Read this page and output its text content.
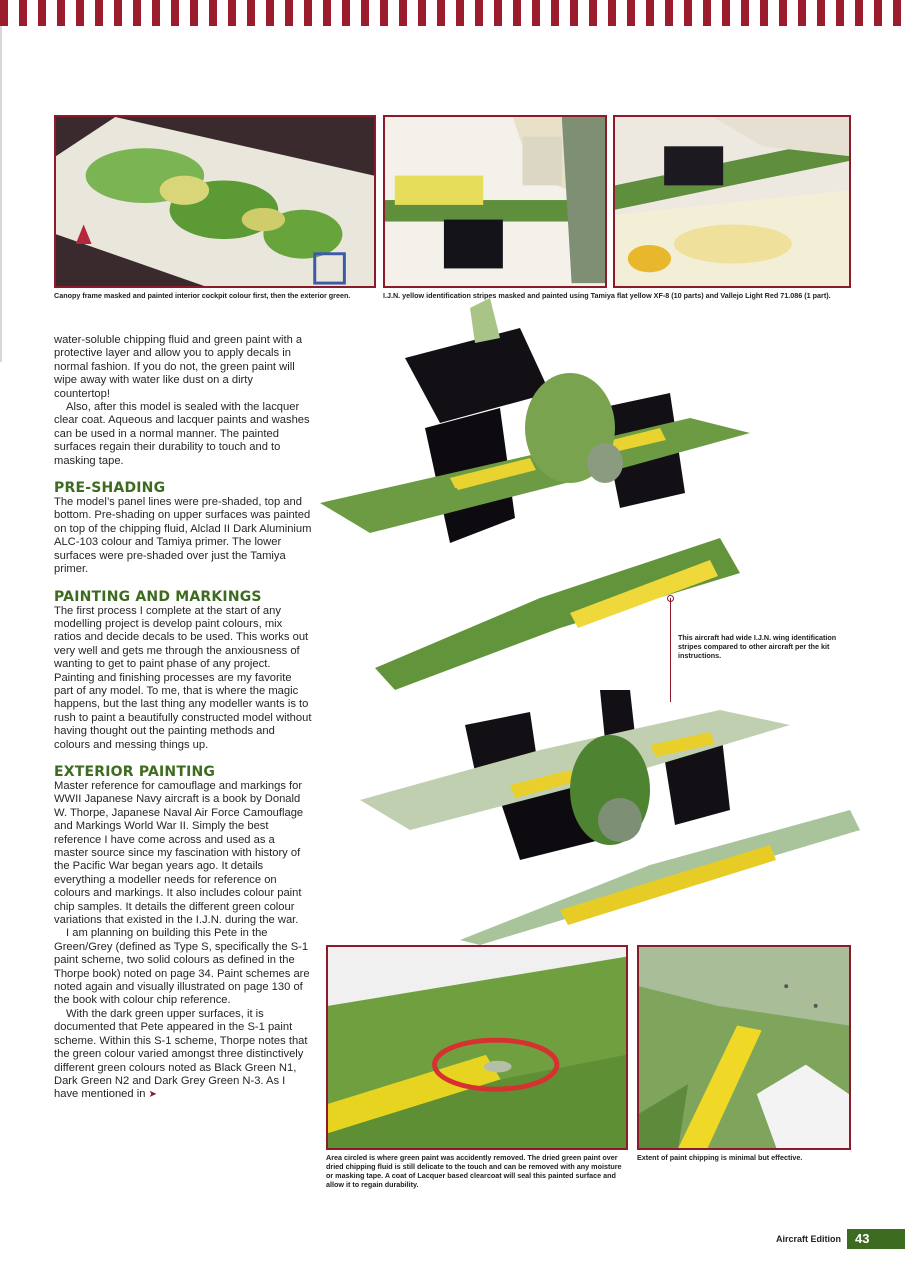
Canopy frame masked and painted interior cockpit colour first, then the exterior green.	I.J.N. yellow identification stripes masked and painted using Tamiya flat yellow XF-8 (10 parts) and Vallejo Light Red 71.086 (1 part).
This aircraft had wide I.J.N. wing identification stripes compared to other aircraft per the kit instructions.
Area circled is where green paint was accidently removed. The dried green paint over dried chipping fluid is still delicate to the touch and can be removed with any moisture or masking tape. A coat of Lacquer based clearcoat will seal this painted surface and allow it to regain durability.
Extent of paint chipping is minimal but effective.

water-soluble chipping fluid and green paint with a protective layer and allow you to apply decals in normal fashion. If you do not, the green paint will wipe away with water like dust on a dirty countertop!

Also, after this model is sealed with the lacquer clear coat. Aqueous and lacquer paints and washes can be used in a normal manner. The painted surfaces regain their durability to touch and to masking tape.

PRE-SHADING

The model’s panel lines were pre-shaded, top and bottom. Pre-shading on upper surfaces was painted on top of the chipping fluid, Alclad II Dark Aluminium ALC-103 colour and Tamiya primer. The lower surfaces were pre-shaded over just the Tamiya primer.

PAINTING AND MARKINGS

The first process I complete at the start of any modelling project is develop paint colours, mix ratios and decide decals to be used. This works out very well and gets me through the anxiousness of wanting to get to paint phase of any project. Painting and finishing processes are my favorite part of any model. To me, that is where the magic happens, but the last thing any modeller wants is to rush to paint a beautifully constructed model without having thought out the painting methods and colours and messing things up.

EXTERIOR PAINTING

Master reference for camouflage and markings for WWII Japanese Navy aircraft is a book by Donald W. Thorpe, Japanese Naval Air Force Camouflage and Markings World War II. Simply the best reference I have come across and used as a master source since my fascination with history of the Pacific War began years ago. It details everything a modeller needs for reference on colours and markings. It also includes colour paint chip samples. It details the different green colour variations that existed in the I.J.N. during the war.

I am planning on building this Pete in the Green/Grey (defined as Type S, specifically the S-1 paint scheme, two solid colours as defined in the Thorpe book) noted on page 34. Paint schemes are noted again and visually illustrated on page 130 of the book with colour chip reference.

With the dark green upper surfaces, it is documented that Pete appeared in the S-1 paint scheme. Within this S-1 scheme, Thorpe notes that the green colour varied amongst three distinctively different green colours noted as Black Green N1, Dark Green N2 and Dark Grey Green N-3. As I have mentioned in ➤

Aircraft Edition	43
